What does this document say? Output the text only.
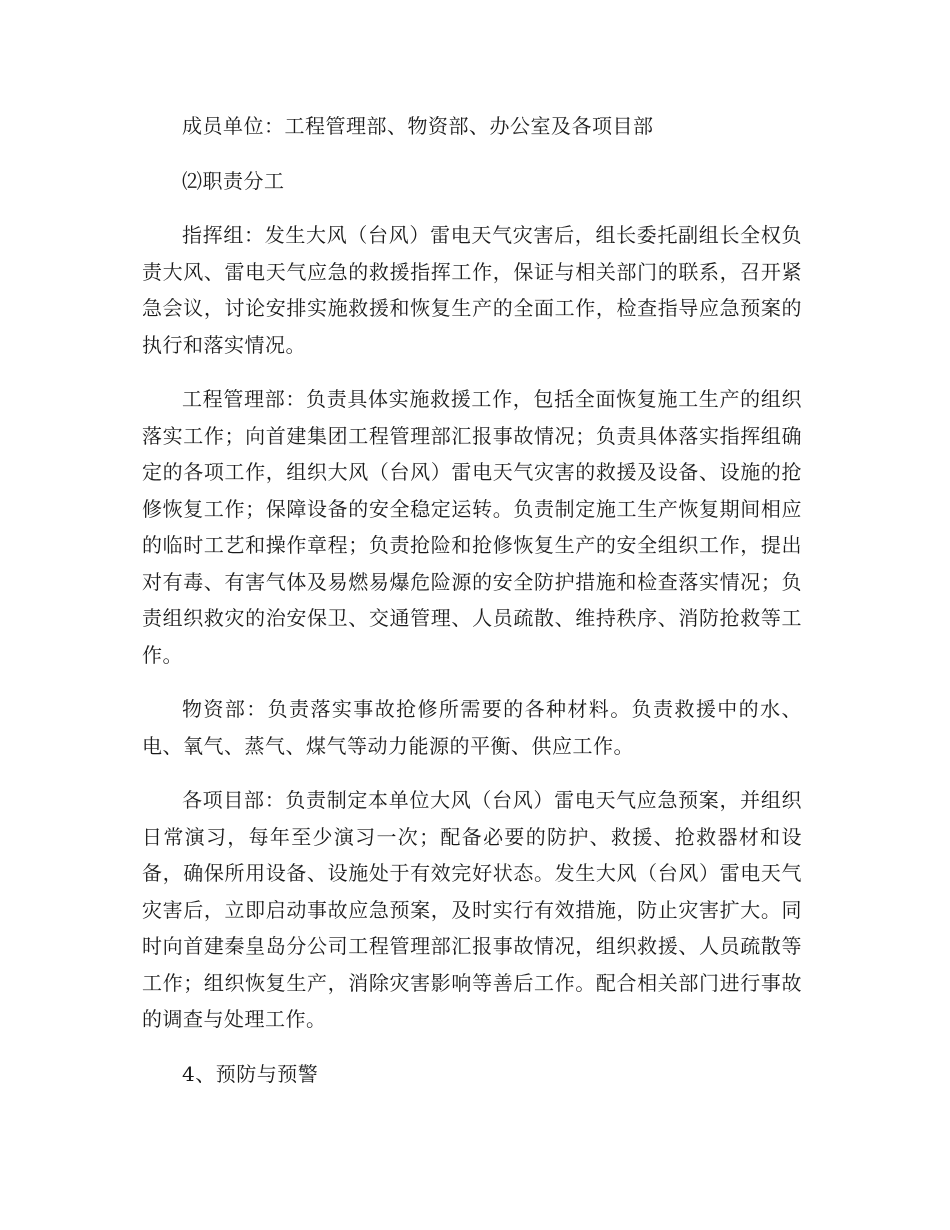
成员单位：工程管理部、物资部、办公室及各项目部

⑵职责分工

指挥组：发生大风（台风）雷电天气灾害后，组长委托副组长全权负责大风、雷电天气应急的救援指挥工作，保证与相关部门的联系，召开紧急会议，讨论安排实施救援和恢复生产的全面工作，检查指导应急预案的执行和落实情况。

工程管理部：负责具体实施救援工作，包括全面恢复施工生产的组织落实工作；向首建集团工程管理部汇报事故情况；负责具体落实指挥组确定的各项工作，组织大风（台风）雷电天气灾害的救援及设备、设施的抢修恢复工作；保障设备的安全稳定运转。负责制定施工生产恢复期间相应的临时工艺和操作章程；负责抢险和抢修恢复生产的安全组织工作，提出对有毒、有害气体及易燃易爆危险源的安全防护措施和检查落实情况；负责组织救灾的治安保卫、交通管理、人员疏散、维持秩序、消防抢救等工作。

物资部：负责落实事故抢修所需要的各种材料。负责救援中的水、电、氧气、蒸气、煤气等动力能源的平衡、供应工作。

各项目部：负责制定本单位大风（台风）雷电天气应急预案，并组织日常演习，每年至少演习一次；配备必要的防护、救援、抢救器材和设备，确保所用设备、设施处于有效完好状态。发生大风（台风）雷电天气灾害后，立即启动事故应急预案，及时实行有效措施，防止灾害扩大。同时向首建秦皇岛分公司工程管理部汇报事故情况，组织救援、人员疏散等工作；组织恢复生产，消除灾害影响等善后工作。配合相关部门进行事故的调查与处理工作。

4、预防与预警
